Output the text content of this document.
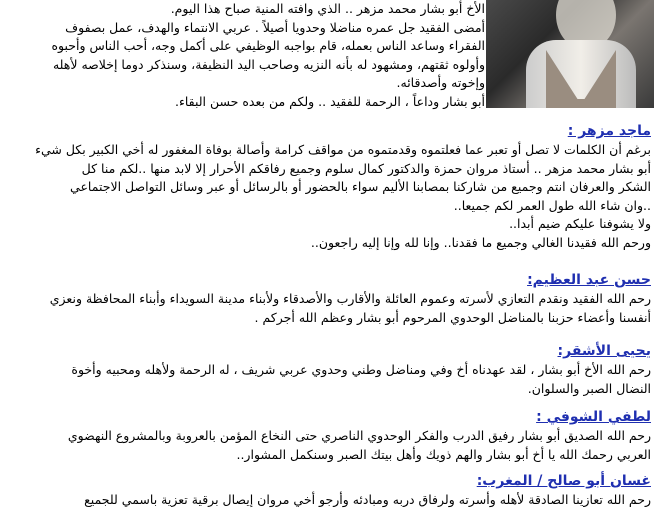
الأخ أبو بشار محمد مزهر .. الذي وافته المنية صباح هذا اليوم.

أمضى الفقيد جل عمره مناضلا وحدويا أصيلاً . عربي الانتماء والهدف، عمل بصفوف

الفقراء وساعد الناس بعمله، قام بواجبه الوظيفي على أكمل وجه، أحب الناس وأحبوه

وأولوه ثقتهم، ومشهود له بأنه النزيه وصاحب اليد النظيفة، وسنذكر دوما إخلاصه لأهله

وإخوته وأصدقائه.

أبو بشار وداعاً ، الرحمة للفقيد .. ولكم من بعده حسن البقاء.

ماجد مزهر :

برغم أن الكلمات لا تصل أو تعبر عما فعلتموه وقدمتموه من مواقف كرامة وأصالة بوفاة المغفور له أخي الكبير بكل شيء

أبو بشار محمد مزهر .. أستاذ مروان حمزة والدكتور كمال سلوم وجميع رفاقكم الأحرار إلا لابد منها ..لكم منا كل

الشكر والعرفان انتم وجميع من شاركنا بمصابنا الأليم سواء بالحضور أو بالرسائل أو عبر وسائل التواصل الاجتماعي

..وان شاء الله طول العمر لكم جميعا..

ولا يشوفنا عليكم ضيم أبدا..

ورحم الله فقيدنا الغالي وجميع ما فقدنا.. وإنا لله وإنا إليه راجعون..

حسن عبد العظيم:

رحم الله الفقيد ونقدم التعازي لأسرته وعموم العائلة والأقارب والأصدقاء ولأبناء مدينة السويداء وأبناء المحافظة ونعزي

أنفسنا وأعضاء حزبنا بالمناضل الوحدوي المرحوم أبو بشار وعظم الله أجركم .

يحيى الأشقر:

رحم الله الأخ أبو بشار ، لقد عهدناه أخ وفي ومناضل وطني وحدوي عربي شريف ، له الرحمة ولأهله ومحبيه وأخوة

النضال الصبر والسلوان.

لطفي الشوفي :

رحم الله الصديق أبو بشار رفيق الدرب والفكر الوحدوي الناصري حتى النخاع المؤمن بالعروبة وبالمشروع النهضوي

العربي رحمك الله يا أخ أبو بشار والهم ذويك وأهل بيتك الصبر وسنكمل المشوار..

غسان أبو صالح / المغرب:

رحم الله تعازينا الصادقة لأهله وأسرته ولرفاق دربه ومبادئه وأرجو أخي مروان إيصال برقية تعزية باسمي للجميع
